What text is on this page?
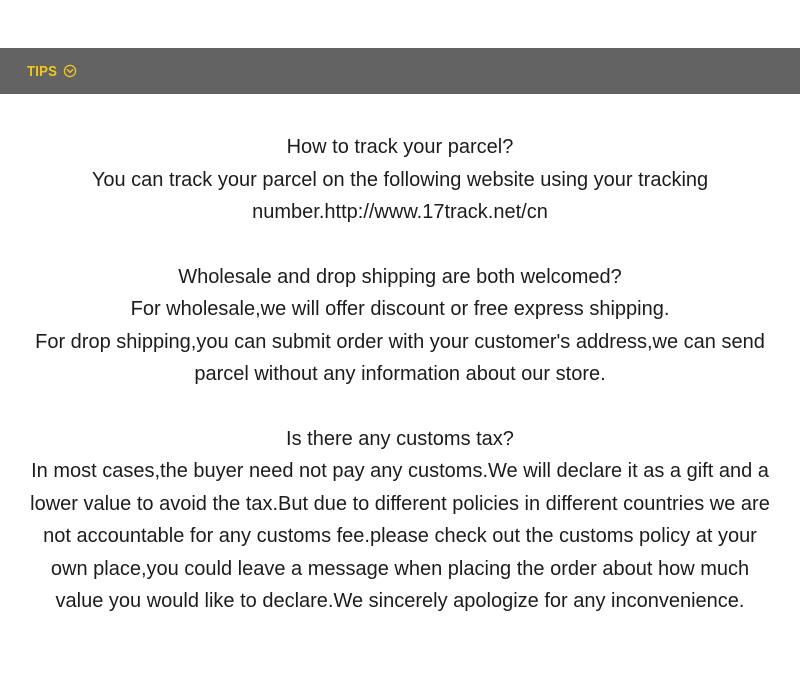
TIPS

How to track your parcel?

You can track your parcel on the following website using your tracking number.http://www.17track.net/cn

Wholesale and drop shipping are both welcomed?

For wholesale,we will offer discount or free express shipping.

For drop shipping,you can submit order with your customer's address,we can send parcel without any information about our store.

Is there any customs tax?

In most cases,the buyer need not pay any customs.We will declare it as a gift and a lower value to avoid the tax.But due to different policies in different countries we are not accountable for any customs fee.please check out the customs policy at your own place,you could leave a message when placing the order about how much value you would like to declare.We sincerely apologize for any inconvenience.
